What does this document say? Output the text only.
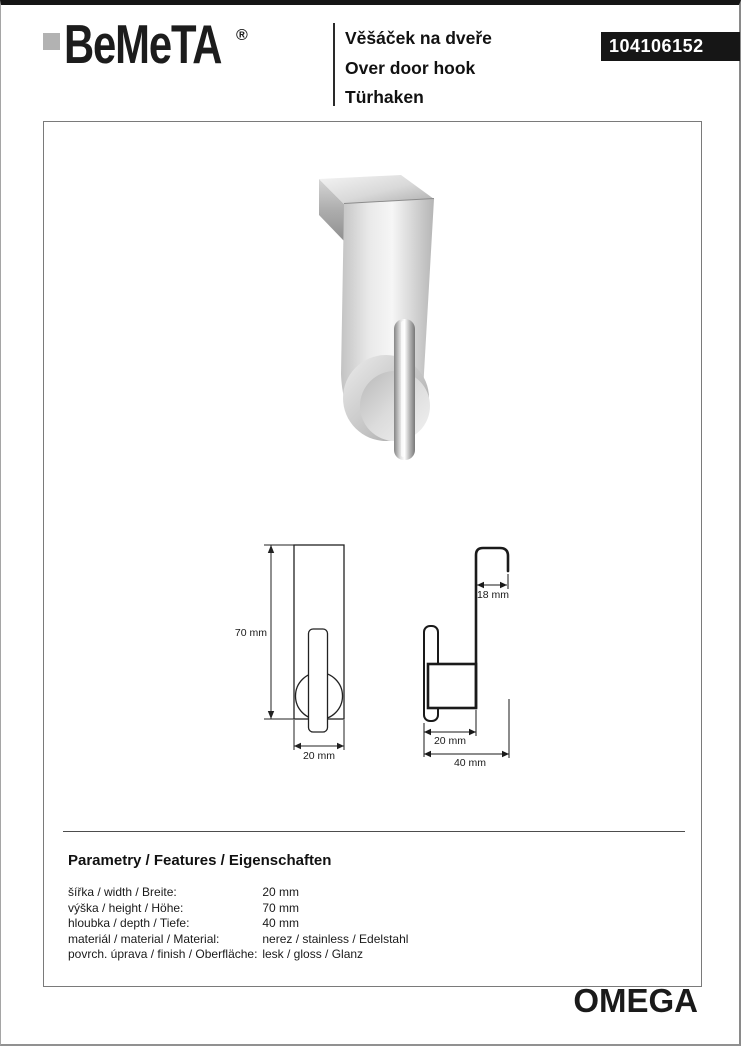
BeMeTA ®	Věšáček na dveře
Over door hook
Türhaken
104106152
70 mm
20 mm
18 mm
20 mm
40 mm
Parametry / Features / Eigenschaften
šířka / width / Breite:	20 mm
výška / height / Höhe:	70 mm
hloubka / depth / Tiefe:	40 mm
materiál / material / Material:	nerez / stainless / Edelstahl
povrch. úprava / finish / Oberfläche: lesk / gloss / Glanz
OMEGA
